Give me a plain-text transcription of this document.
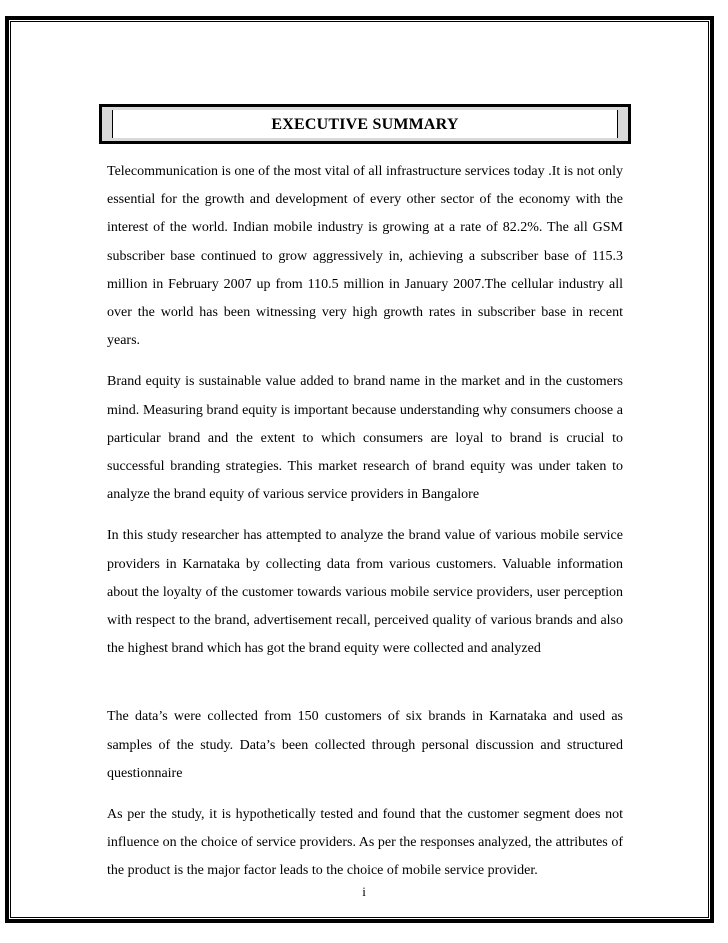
EXECUTIVE SUMMARY

Telecommunication is one of the most vital of all infrastructure services today .It is not only essential for the growth and development of every other sector of the economy with the interest of the world. Indian mobile industry is growing at a rate of 82.2%. The all GSM subscriber base continued to grow aggressively in, achieving a subscriber base of 115.3 million in February 2007 up from 110.5 million in January 2007.The cellular industry all over the world has been witnessing very high growth rates in subscriber base in recent years.

Brand equity is sustainable value added to brand name in the market and in the customers mind. Measuring brand equity is important because understanding why consumers choose a particular brand and the extent to which consumers are loyal to brand is crucial to successful branding strategies. This market research of brand equity was under taken to analyze the brand equity of various service providers in Bangalore

In this study researcher has attempted to analyze the brand value of various mobile service providers in Karnataka by collecting data from various customers. Valuable information about the loyalty of the customer towards various mobile service providers, user perception with respect to the brand, advertisement recall, perceived quality of various brands and also the highest brand which has got the brand equity were collected and analyzed

The data’s were collected from 150 customers of six brands in Karnataka and used as samples of the study. Data’s been collected through personal discussion and structured questionnaire

As per the study, it is hypothetically tested and found that the customer segment does not influence on the choice of service providers. As per the responses analyzed, the attributes of the product is the major factor leads to the choice of mobile service provider.

i
